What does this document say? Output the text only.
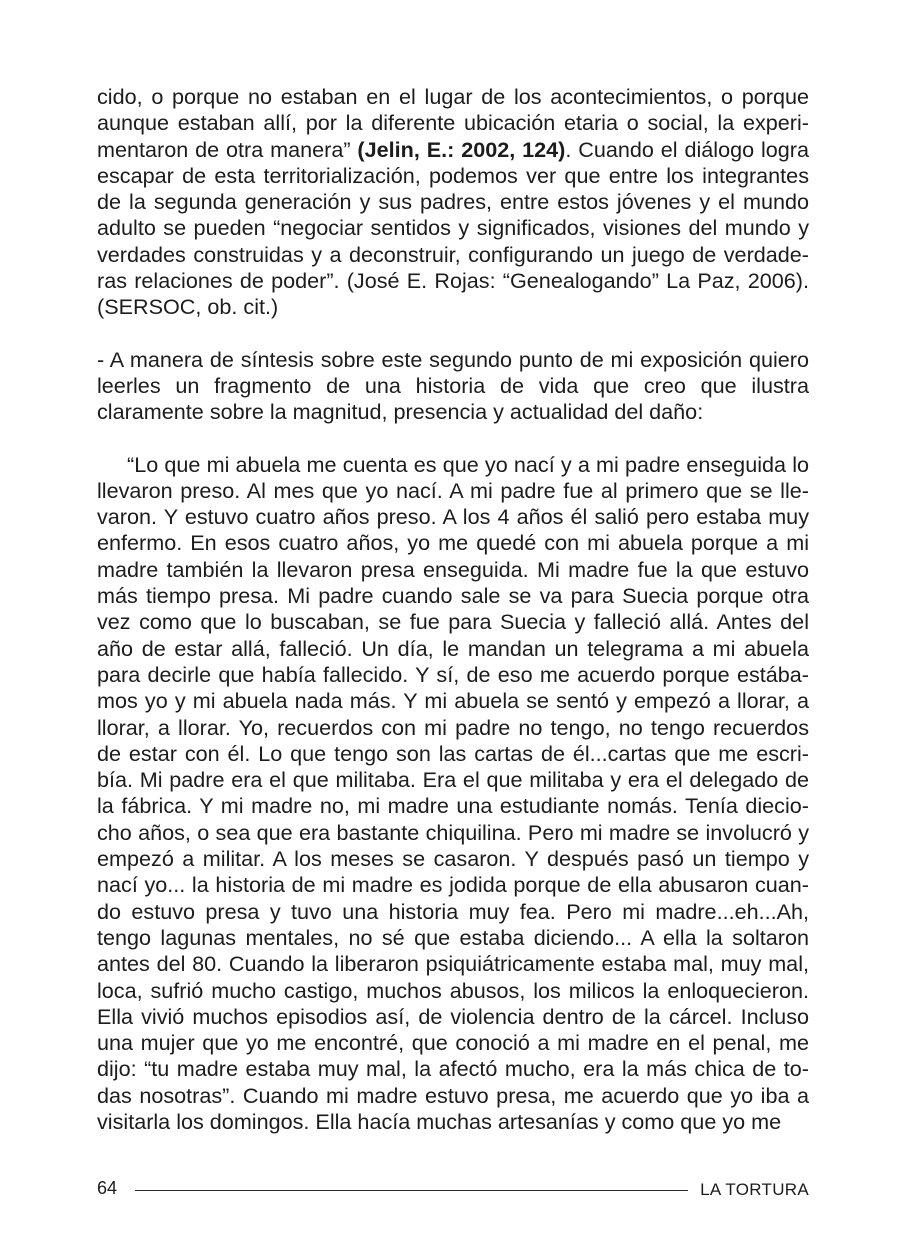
cido, o porque no estaban en el lugar de los acontecimientos, o porque aunque estaban allí, por la diferente ubicación etaria o social, la experimentaron de otra manera” (Jelin, E.: 2002, 124). Cuando el diálogo logra escapar de esta territorialización, podemos ver que entre los integrantes de la segunda generación y sus padres, entre estos jóvenes y el mundo adulto se pueden “negociar sentidos y significados, visiones del mundo y verdades construidas y a deconstruir, configurando un juego de verdaderas relaciones de poder”. (José E. Rojas: “Genealogando” La Paz, 2006). (SERSOC, ob. cit.)

- A manera de síntesis sobre este segundo punto de mi exposición quiero leerles un fragmento de una historia de vida que creo que ilustra claramente sobre la magnitud, presencia y actualidad del daño:

“Lo que mi abuela me cuenta es que yo nací y a mi padre enseguida lo llevaron preso. Al mes que yo nací. A mi padre fue al primero que se llevaron. Y estuvo cuatro años preso. A los 4 años él salió pero estaba muy enfermo. En esos cuatro años, yo me quedé con mi abuela porque a mi madre también la llevaron presa enseguida. Mi madre fue la que estuvo más tiempo presa. Mi padre cuando sale se va para Suecia porque otra vez como que lo buscaban, se fue para Suecia y falleció allá. Antes del año de estar allá, falleció. Un día, le mandan un telegrama a mi abuela para decirle que había fallecido. Y sí, de eso me acuerdo porque estábamos yo y mi abuela nada más. Y mi abuela se sentó y empezó a llorar, a llorar, a llorar. Yo, recuerdos con mi padre no tengo, no tengo recuerdos de estar con él. Lo que tengo son las cartas de él...cartas que me escribía. Mi padre era el que militaba. Era el que militaba y era el delegado de la fábrica. Y mi madre no, mi madre una estudiante nomás. Tenía dieciocho años, o sea que era bastante chiquilina. Pero mi madre se involucró y empezó a militar. A los meses se casaron. Y después pasó un tiempo y nací yo... la historia de mi madre es jodida porque de ella abusaron cuando estuvo presa y tuvo una historia muy fea. Pero mi madre...eh...Ah, tengo lagunas mentales, no sé que estaba diciendo... A ella la soltaron antes del 80. Cuando la liberaron psiquiátricamente estaba mal, muy mal, loca, sufrió mucho castigo, muchos abusos, los milicos la enloquecieron. Ella vivió muchos episodios así, de violencia dentro de la cárcel. Incluso una mujer que yo me encontré, que conoció a mi madre en el penal, me dijo: “tu madre estaba muy mal, la afectó mucho, era la más chica de todas nosotras”. Cuando mi madre estuvo presa, me acuerdo que yo iba a visitarla los domingos. Ella hacía muchas artesanías y como que yo me

64	LA TORTURA
